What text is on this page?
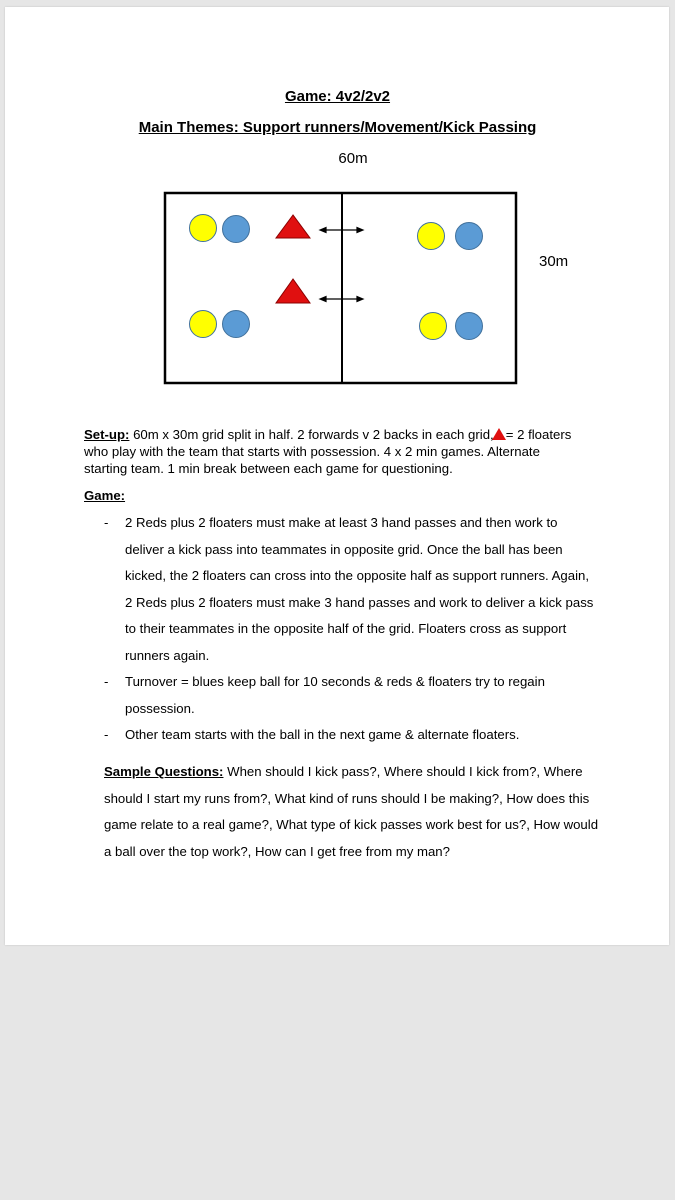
Game: 4v2/2v2
Main Themes: Support runners/Movement/Kick Passing
60m
30m
Set-up: 60m x 30m grid split in half. 2 forwards v 2 backs in each grid, = 2 floaters who play with the team that starts with possession. 4 x 2 min games. Alternate starting team. 1 min break between each game for questioning.
Game:
- 2 Reds plus 2 floaters must make at least 3 hand passes and then work to deliver a kick pass into teammates in opposite grid. Once the ball has been kicked, the 2 floaters can cross into the opposite half as support runners. Again, 2 Reds plus 2 floaters must make 3 hand passes and work to deliver a kick pass to their teammates in the opposite half of the grid. Floaters cross as support runners again.
- Turnover = blues keep ball for 10 seconds & reds & floaters try to regain possession.
- Other team starts with the ball in the next game & alternate floaters.
Sample Questions: When should I kick pass?, Where should I kick from?, Where should I start my runs from?, What kind of runs should I be making?, How does this game relate to a real game?, What type of kick passes work best for us?, How would a ball over the top work?, How can I get free from my man?
